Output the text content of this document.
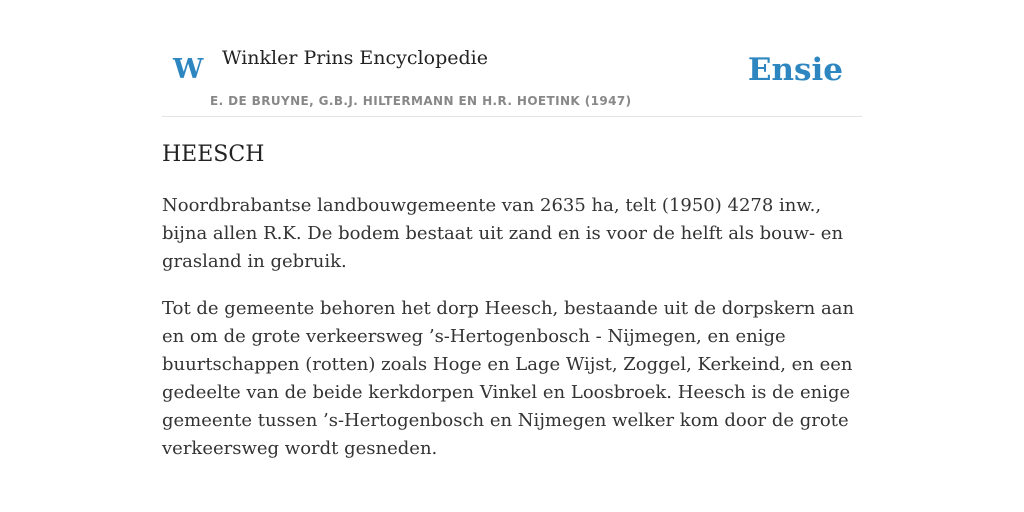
W Winkler Prins Encyclopedie
E. DE BRUYNE, G.B.J. HILTERMANN EN H.R. HOETINK (1947)
Ensie
HEESCH

Noordbrabantse landbouwgemeente van 2635 ha, telt (1950) 4278 inw., bijna allen R.K. De bodem bestaat uit zand en is voor de helft als bouw- en grasland in gebruik.

Tot de gemeente behoren het dorp Heesch, bestaande uit de dorpskern aan en om de grote verkeersweg ’s-Hertogenbosch - Nijmegen, en enige buurtschappen (rotten) zoals Hoge en Lage Wijst, Zoggel, Kerkeind, en een gedeelte van de beide kerkdorpen Vinkel en Loosbroek. Heesch is de enige gemeente tussen ’s-Hertogenbosch en Nijmegen welker kom door de grote verkeersweg wordt gesneden.
